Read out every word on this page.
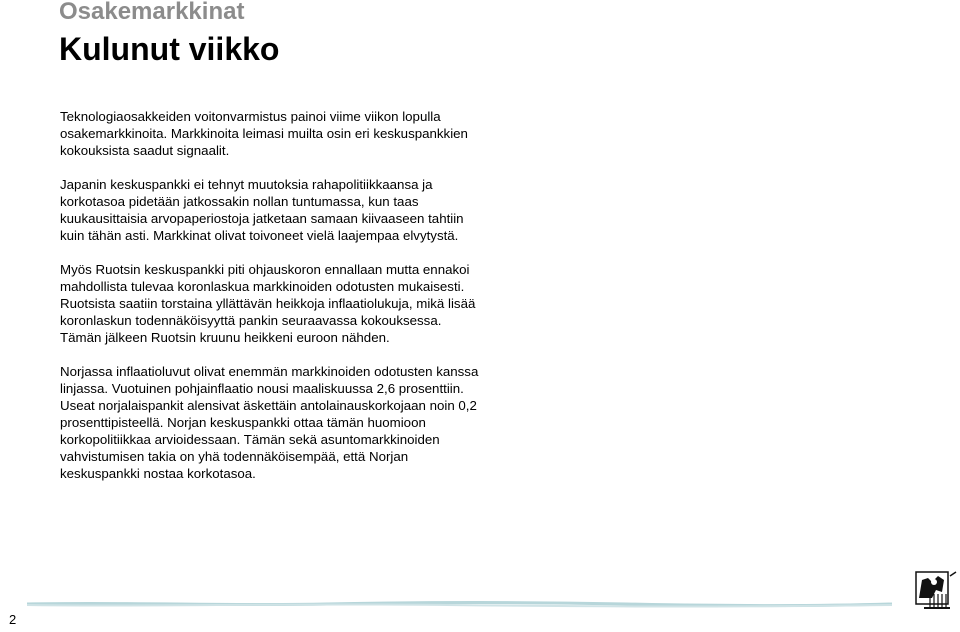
Osakemarkkinat
Kulunut viikko

Teknologiaosakkeiden voitonvarmistus painoi viime viikon lopulla osakemarkkinoita. Markkinoita leimasi muilta osin eri keskuspankkien kokouksista saadut signaalit.

Japanin keskuspankki ei tehnyt muutoksia rahapolitiikkaansa ja korkotasoa pidetään jatkossakin nollan tuntumassa, kun taas kuukausittaisia arvopaperiostoja jatketaan samaan kiivaaseen tahtiin kuin tähän asti. Markkinat olivat toivoneet vielä laajempaa elvytystä.

Myös Ruotsin keskuspankki piti ohjauskoron ennallaan mutta ennakoi mahdollista tulevaa koronlaskua markkinoiden odotusten mukaisesti. Ruotsista saatiin torstaina yllättävän heikkoja inflaatiolukuja, mikä lisää koronlaskun todennäköisyyttä pankin seuraavassa kokouksessa. Tämän jälkeen Ruotsin kruunu heikkeni euroon nähden.

Norjassa inflaatioluvut olivat enemmän markkinoiden odotusten kanssa linjassa. Vuotuinen pohjainflaatio nousi maaliskuussa 2,6 prosenttiin. Useat norjalaispankit alensivat äskettäin antolainauskorkojaan noin 0,2 prosenttipisteellä. Norjan keskuspankki ottaa tämän huomioon korkopolitiikkaa arvioidessaan. Tämän sekä asuntomarkkinoiden vahvistumisen takia on yhä todennäköisempää, että Norjan keskuspankki nostaa korkotasoa.

2
